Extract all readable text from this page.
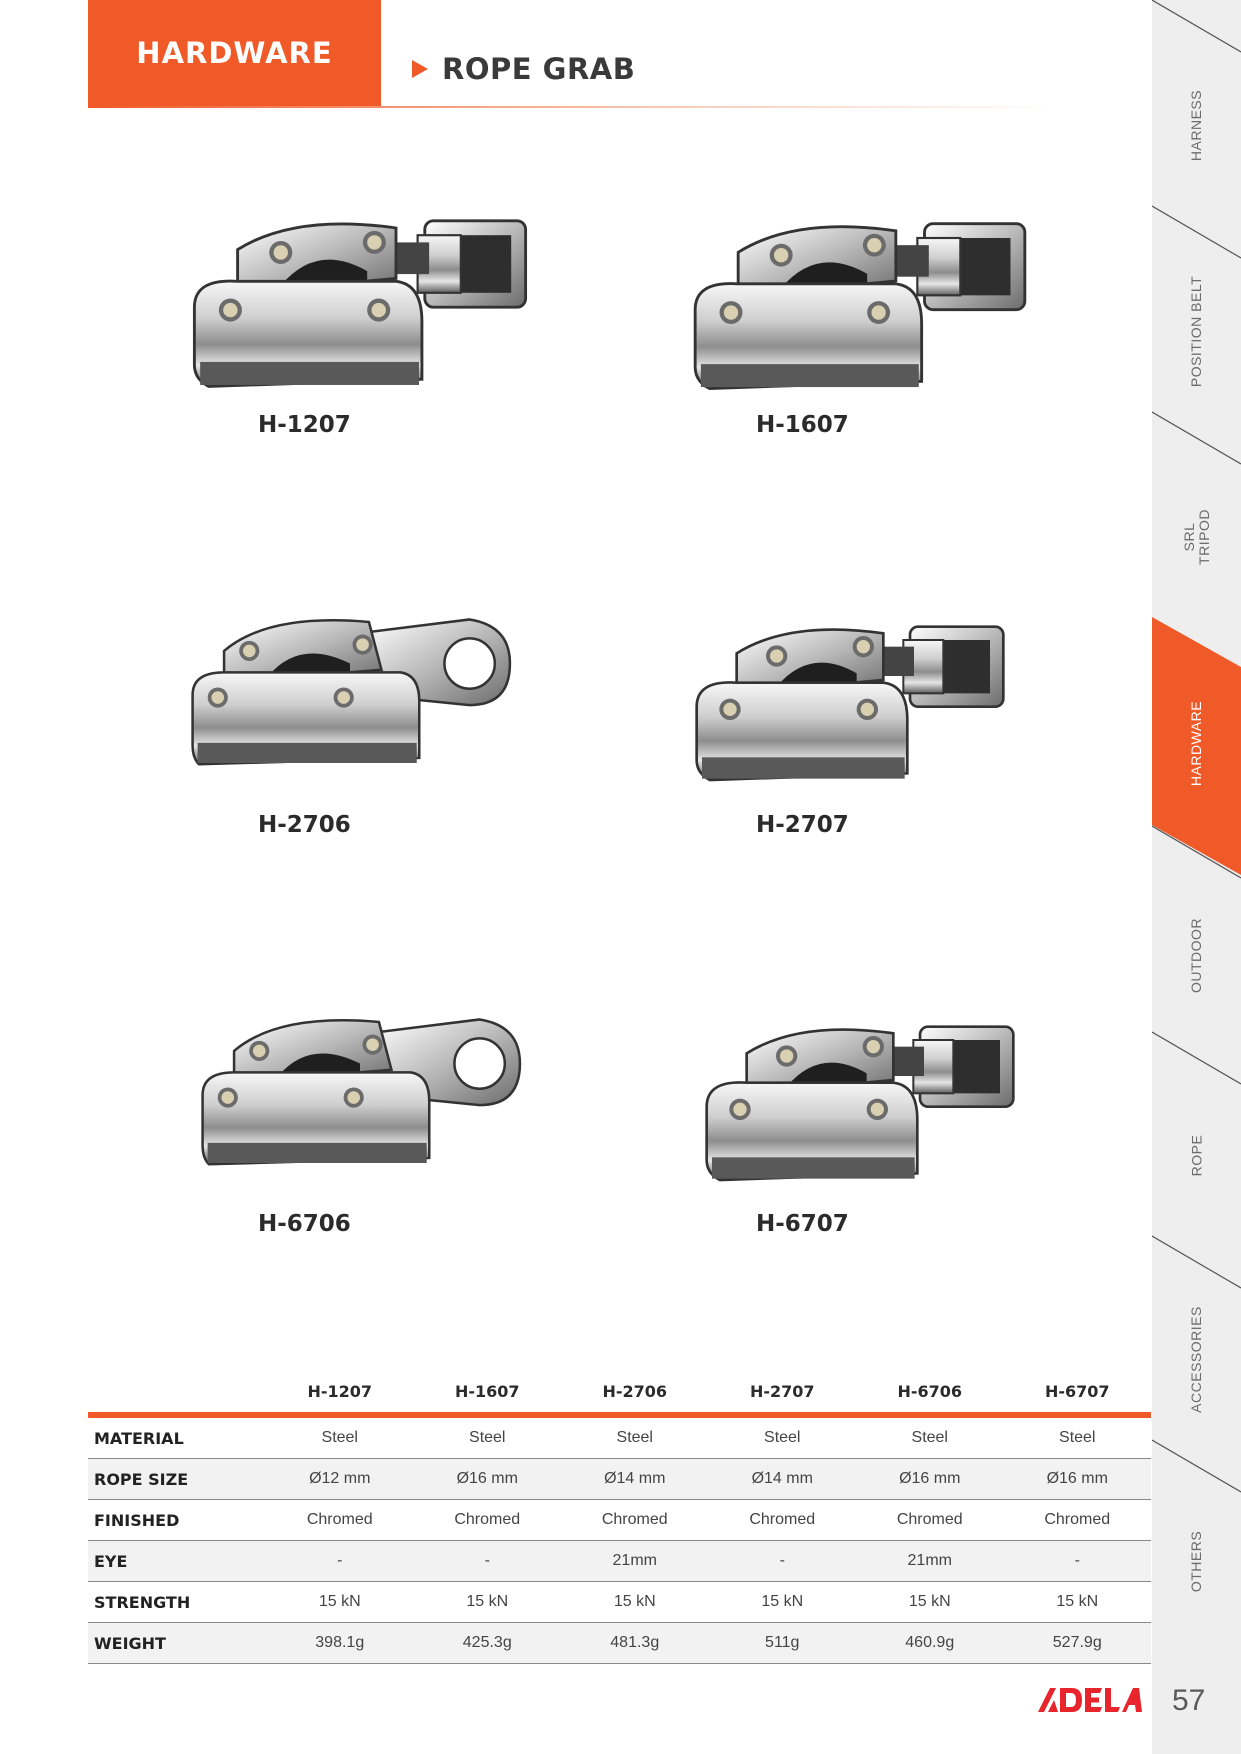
HARDWARE	ROPE GRAB
HARNESS
POSITION BELT
SRL
TRIPOD
HARDWARE
OUTDOOR
ROPE
ACCESSORIES
OTHERS
H-1207	H-1607
H-2706	H-2707
H-6706	H-6707
	H-1207	H-1607	H-2706	H-2707	H-6706	H-6707
MATERIAL	Steel	Steel	Steel	Steel	Steel	Steel
ROPE SIZE	Ø12 mm	Ø16 mm	Ø14 mm	Ø14 mm	Ø16 mm	Ø16 mm
FINISHED	Chromed	Chromed	Chromed	Chromed	Chromed	Chromed
EYE	-	-	21mm	-	21mm	-
STRENGTH	15 kN	15 kN	15 kN	15 kN	15 kN	15 kN
WEIGHT	398.1g	425.3g	481.3g	511g	460.9g	527.9g
57
